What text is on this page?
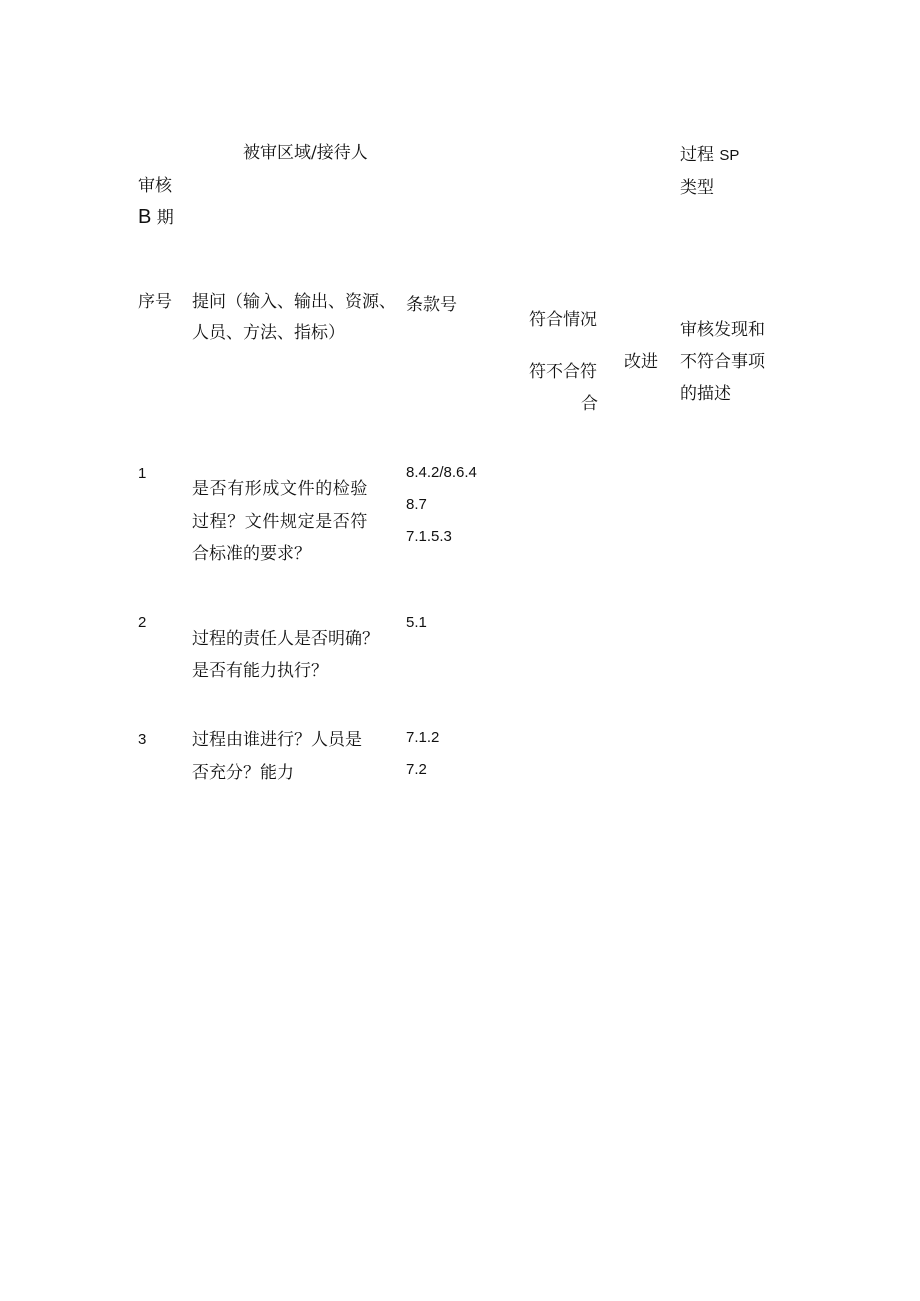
被审区域/接待人
审核
B 期
过程 SP
类型
序号 提问（输入、输出、资源、
人员、方法、指标）
条款号
符合情况
符不合符
合
改进
审核发现和
不符合事项
的描述
1
是否有形成文件的检验
过程？文件规定是否符
合标准的要求？
8.4.2/8.6.4
8.7
7.1.5.3
2
过程的责任人是否明确？
是否有能力执行？
5.1
3	过程由谁进行？人员是
否充分？能力
7.1.2
7.2
